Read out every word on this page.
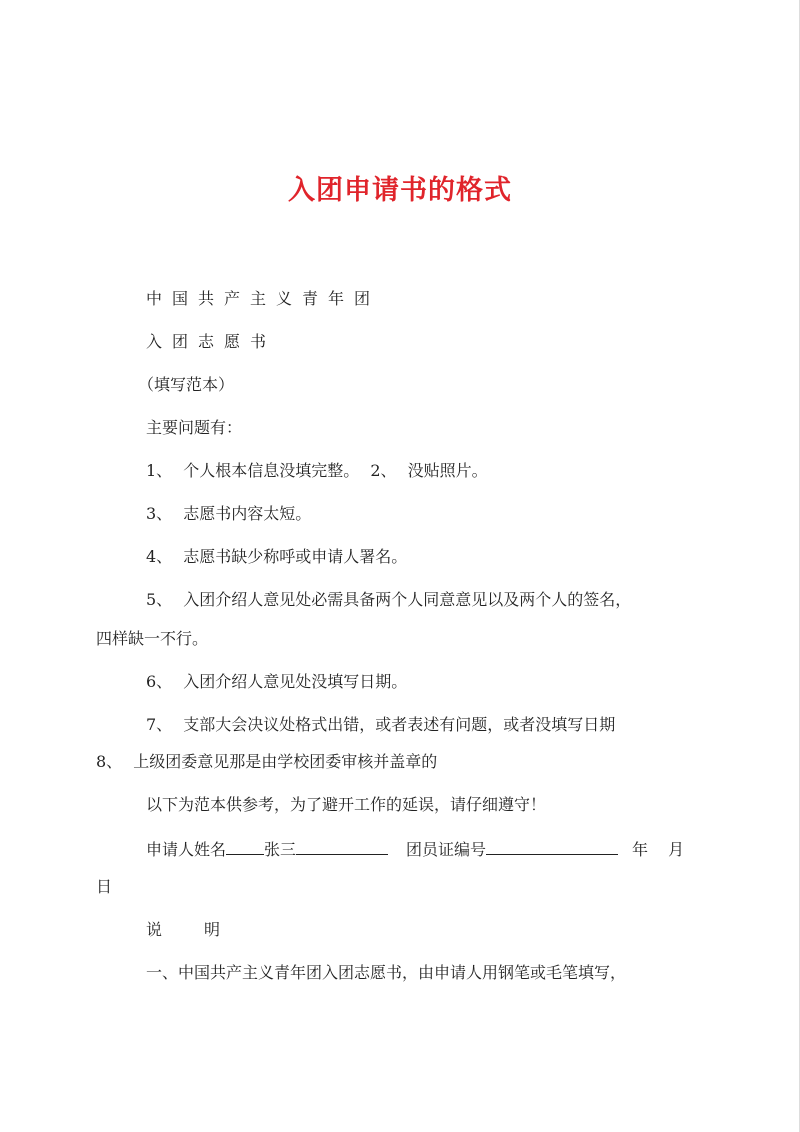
入团申请书的格式
中国共产主义青年团
入团志愿书
（填写范本）
主要问题有：
1、 个人根本信息没填完整。 2、 没贴照片。
3、 志愿书内容太短。
4、 志愿书缺少称呼或申请人署名。
5、 入团介绍人意见处必需具备两个人同意意见以及两个人的签名，
四样缺一不行。
6、 入团介绍人意见处没填写日期。
7、 支部大会决议处格式出错，或者表述有问题，或者没填写日期
8、 上级团委意见那是由学校团委审核并盖章的
以下为范本供参考，为了避开工作的延误，请仔细遵守！
申请人姓名 张三	团员证编号	年 月
日
说	明
一、中国共产主义青年团入团志愿书，由申请人用钢笔或毛笔填写，
